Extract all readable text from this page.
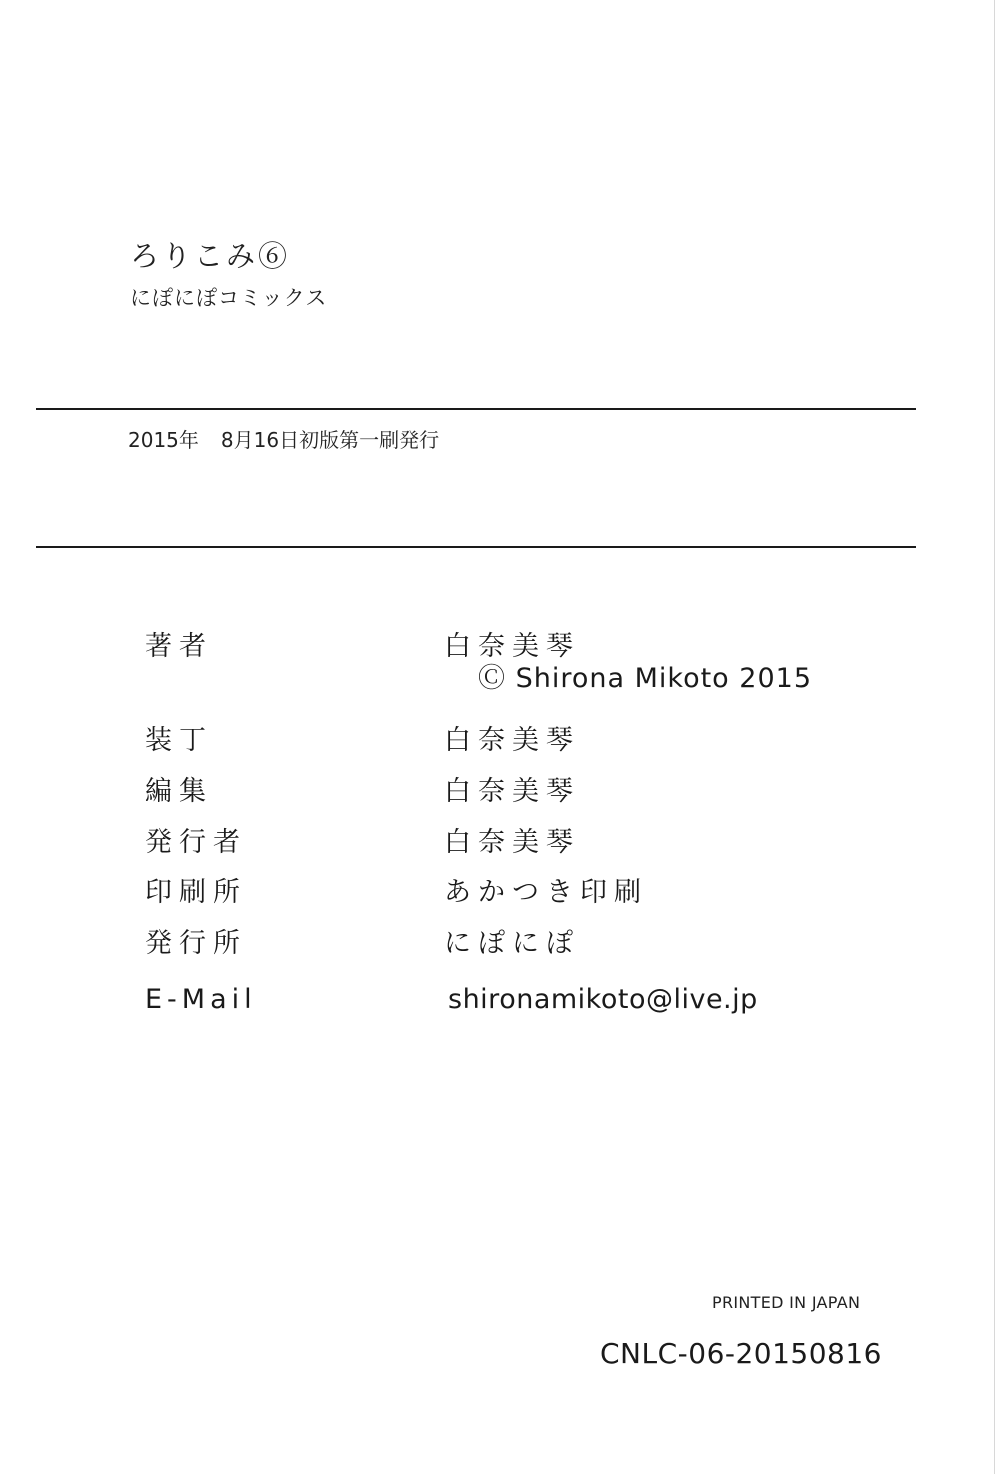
ろりこみ⑥
にぽにぽコミックス
2015年 8月16日初版第一刷発行
著者	白奈美琴
Ⓒ Shirona Mikoto 2015
装丁	白奈美琴
編集	白奈美琴
発行者	白奈美琴
印刷所	あかつき印刷
発行所	にぽにぽ
E-Mail	shironamikoto@live.jp
PRINTED IN JAPAN
CNLC-06-20150816
